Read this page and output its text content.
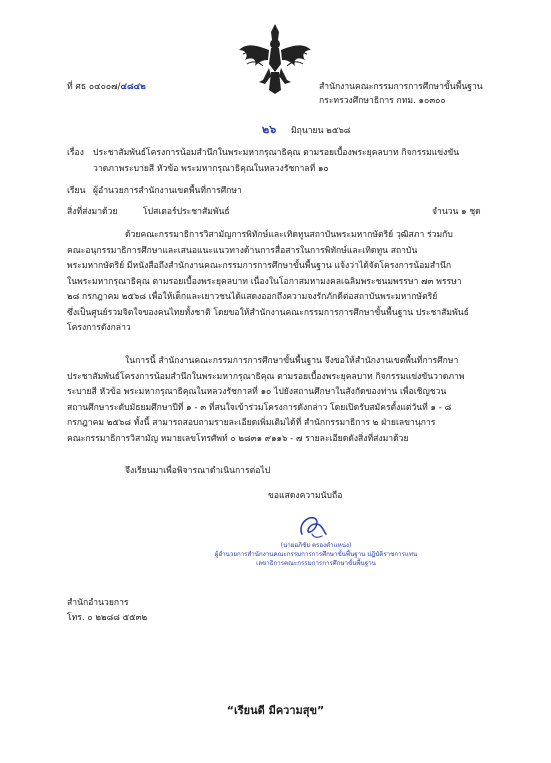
ที่ ศธ ๐๔๐๐๗/๔๘๔๒	สำนักงานคณะกรรมการการศึกษาขั้นพื้นฐาน
กระทรวงศึกษาธิการ กทม. ๑๐๓๐๐
๒๖ มิถุนายน ๒๕๖๘
เรื่อง ประชาสัมพันธ์โครงการน้อมสำนึกในพระมหากรุณาธิคุณ ตามรอยเบื้องพระยุคลบาท กิจกรรมแข่งขัน
วาดภาพระบายสี หัวข้อ พระมหากรุณาธิคุณในหลวงรัชกาลที่ ๑๐
เรียน ผู้อำนวยการสำนักงานเขตพื้นที่การศึกษา
สิ่งที่ส่งมาด้วย	โปสเตอร์ประชาสัมพันธ์	จำนวน ๑ ชุด
ด้วยคณะกรรมาธิการวิสามัญการพิทักษ์และเทิดทูนสถาบันพระมหากษัตริย์ วุฒิสภา ร่วมกับ
คณะอนุกรรมาธิการศึกษาและเสนอแนะแนวทางด้านการสื่อสารในการพิทักษ์และเทิดทูน สถาบัน
พระมหากษัตริย์ มีหนังสือถึงสำนักงานคณะกรรมการการศึกษาขั้นพื้นฐาน แจ้งว่าได้จัดโครงการน้อมสำนึก
ในพระมหากรุณาธิคุณ ตามรอยเบื้องพระยุคลบาท เนื่องในโอกาสมหามงคลเฉลิมพระชนมพรรษา ๗๓ พรรษา
๒๘ กรกฎาคม ๒๕๖๘ เพื่อให้เด็กและเยาวชนได้แสดงออกถึงความจงรักภักดีต่อสถาบันพระมหากษัตริย์
ซึ่งเป็นศูนย์รวมจิตใจของคนไทยทั้งชาติ โดยขอให้สำนักงานคณะกรรมการการศึกษาขั้นพื้นฐาน ประชาสัมพันธ์
โครงการดังกล่าว
ในการนี้ สำนักงานคณะกรรมการการศึกษาขั้นพื้นฐาน จึงขอให้สำนักงานเขตพื้นที่การศึกษา
ประชาสัมพันธ์โครงการน้อมสำนึกในพระมหากรุณาธิคุณ ตามรอยเบื้องพระยุคลบาท กิจกรรมแข่งขันวาดภาพ
ระบายสี หัวข้อ พระมหากรุณาธิคุณในหลวงรัชกาลที่ ๑๐ ไปยังสถานศึกษาในสังกัดของท่าน เพื่อเชิญชวน
สถานศึกษาระดับมัธยมศึกษาปีที่ ๑ - ๓ ที่สนใจเข้าร่วมโครงการดังกล่าว โดยเปิดรับสมัครตั้งแต่วันที่ ๑ - ๘
กรกฎาคม ๒๕๖๘ ทั้งนี้ สามารถสอบถามรายละเอียดเพิ่มเติมได้ที่ สำนักกรรมาธิการ ๒ ฝ่ายเลขานุการ
คณะกรรมาธิการวิสามัญ หมายเลขโทรศัพท์ ๐ ๒๘๓๑ ๙๑๑๖ - ๗ รายละเอียดดังสิ่งที่ส่งมาด้วย
จึงเรียนมาเพื่อพิจารณาดำเนินการต่อไป
ขอแสดงความนับถือ
(นายอภิชัย ครองตำแหน่ง)
ผู้อำนวยการสำนักงานคณะกรรมการการศึกษาขั้นพื้นฐาน ปฏิบัติราชการแทน
เลขาธิการคณะกรรมการการศึกษาขั้นพื้นฐาน
สำนักอำนวยการ
โทร. ๐ ๒๒๘๘ ๕๕๓๒
“เรียนดี มีความสุข”
